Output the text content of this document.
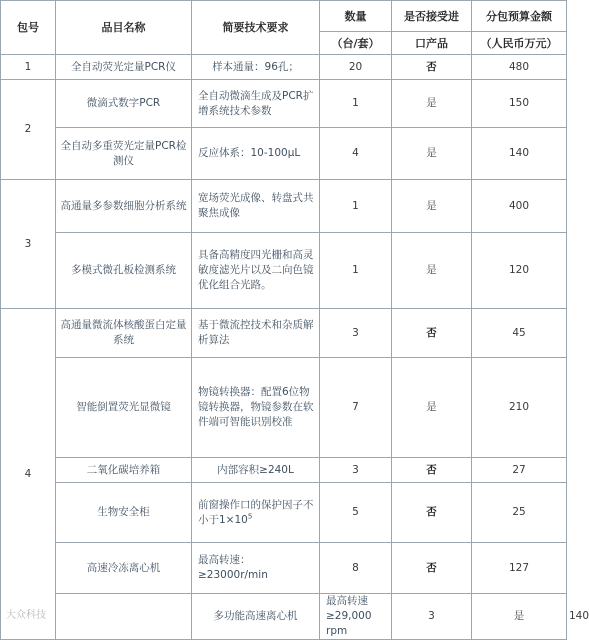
包号	品目名称	简要技术要求	数量	是否接受进	分包预算金额	
			（台/套）	口产品	（人民币万元）	
1	全自动荧光定量PCR仪	样本通量：96孔；	20	否	480	
2	微滴式数字PCR	全自动微滴生成及PCR扩增系统技术参数	1	是	150	
	全自动多重荧光定量PCR检测仪	反应体系：10-100μL	4	是	140	
3	高通量多参数细胞分析系统	宽场荧光成像、转盘式共聚焦成像	1	是	400	
	多模式微孔板检测系统	具备高精度四光栅和高灵敏度滤光片以及二向色镜优化组合光路。	1	是	120	
4	高通量微流体核酸蛋白定量系统	基于微流控技术和杂质解析算法	3	否	45	
	智能倒置荧光显微镜	物镜转换器：配置6位物镜转换器，物镜参数在软件端可智能识别校准	7	是	210	
	二氧化碳培养箱	内部容积≥240L	3	否	27	
	生物安全柜	前窗操作口的保护因子不小于$1\times 10^5$	5	否	25	
	高速冷冻离心机	最高转速：≥23000r/min	8	否	127	
		多功能高速离心机	最高转速≥29,000 rpm	3	是	140
大众科技
